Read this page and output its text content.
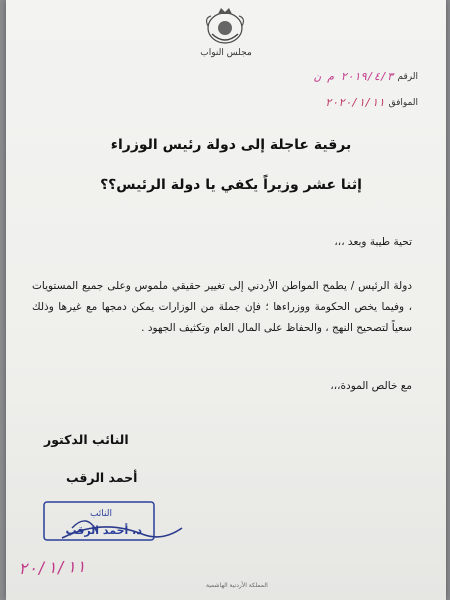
مجلس النواب
الرقم
٢٠١٩/٤/٣ م ن
الموافق
٢٠٢٠/١/١١
برقية عاجلة إلى دولة رئيس الوزراء
إثنا عشر وزيراً يكفي يا دولة الرئيس؟؟
تحية طيبة وبعد ،،،
دولة الرئيس / يطمح المواطن الأردني إلى تغيير حقيقي ملموس وعلى جميع المستويات ، وفيما يخص الحكومة ووزراءها ؛ فإن جملة من الوزارات يمكن دمجها مع غيرها وذلك سعياً لتصحيح النهج ، والحفاظ على المال العام وتكثيف الجهود .
مع خالص المودة،،،
النائب الدكتور
أحمد الرقب
النائب
د. أحمد الرقب
٢٠/١/١١
المملكة الأردنية الهاشمية
